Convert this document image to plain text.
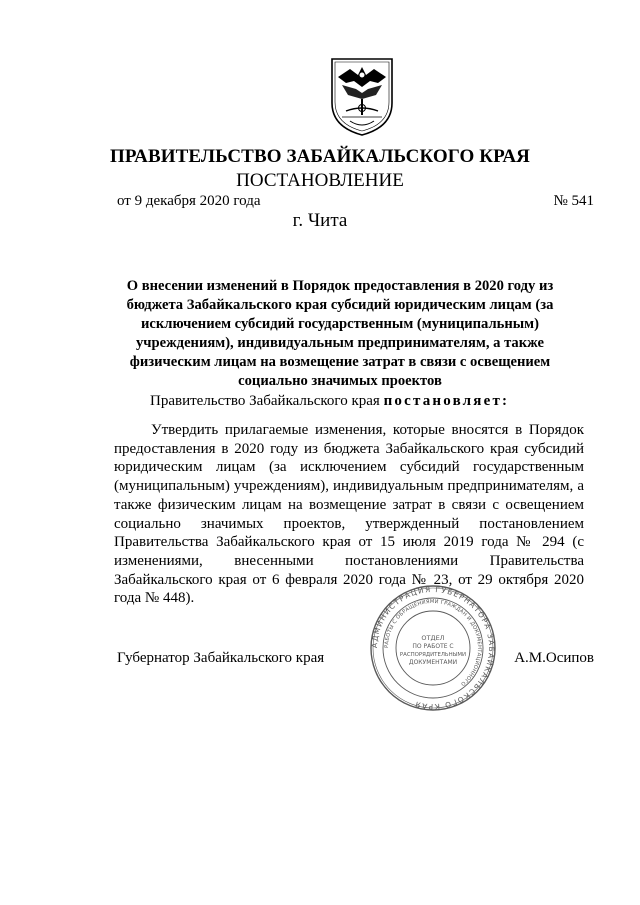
ПРАВИТЕЛЬСТВО ЗАБАЙКАЛЬСКОГО КРАЯ
ПОСТАНОВЛЕНИЕ
от 9 декабря 2020 года	№ 541
г. Чита
О внесении изменений в Порядок предоставления в 2020 году из бюджета Забайкальского края субсидий юридическим лицам (за исключением субсидий государственным (муниципальным) учреждениям), индивидуальным предпринимателям, а также физическим лицам на возмещение затрат в связи с освещением социально значимых проектов
Правительство Забайкальского края постановляет:

Утвердить прилагаемые изменения, которые вносятся в Порядок предоставления в 2020 году из бюджета Забайкальского края субсидий юридическим лицам (за исключением субсидий государственным (муниципальным) учреждениям), индивидуальным предпринимателям, а также физическим лицам на возмещение затрат в связи с освещением социально значимых проектов, утвержденный постановлением Правительства Забайкальского края от 15 июля 2019 года № 294 (с изменениями, внесенными постановлениями Правительства Забайкальского края от 6 февраля 2020 года № 23, от 29 октября 2020 года № 448).

Губернатор Забайкальского края	А.М.Осипов
АДМИНИСТРАЦИЯ ГУБЕРНАТОРА ЗАБАЙКАЛЬСКОГО КРАЯ
РАБОТЫ С ОБРАЩЕНИЯМИ ГРАЖДАН И ДОКУМЕНТАЦИОННОГО
ОТДЕЛ
ПО РАБОТЕ С
РАСПОРЯДИТЕЛЬНЫМИ
ДОКУМЕНТАМИ
